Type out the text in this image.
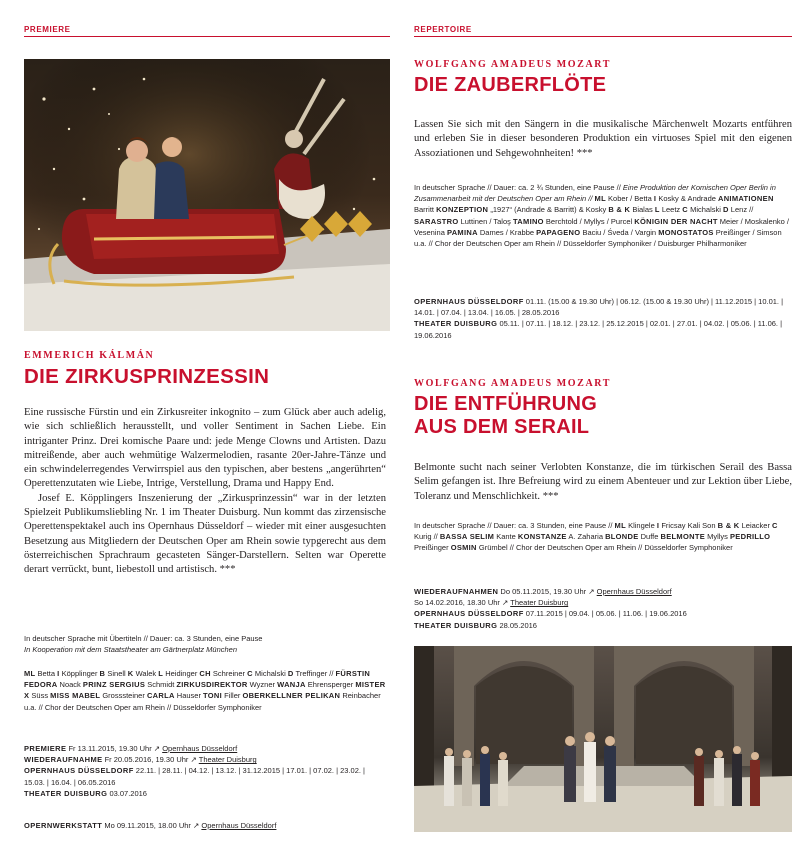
PREMIERE
EMMERICH KÁLMÁN
DIE ZIRKUSPRINZESSIN

Eine russische Fürstin und ein Zirkusreiter inkognito – zum Glück aber auch adelig, wie sich schließlich herausstellt, und voller Sentiment in Sachen Liebe. Ein intriganter Prinz. Drei komische Paare und: jede Menge Clowns und Artisten. Dazu mitreißende, aber auch wehmütige Walzermelodien, rasante 20er-Jahre-Tänze und ein schwindelerregendes Verwirrspiel aus den typischen, aber bestens „angerührten“ Operettenzutaten wie Liebe, Intrige, Verstellung, Drama und Happy End.

Josef E. Köpplingers Inszenierung der „Zirkusprinzessin“ war in der letzten Spielzeit Publikumsliebling Nr. 1 im Theater Duisburg. Nun kommt das zirzensische Operettenspektakel auch ins Opernhaus Düsseldorf – wieder mit einer ausgesuchten Besetzung aus Mitgliedern der Deutschen Oper am Rhein sowie typgerecht aus dem österreichischen Sprachraum gecasteten Sänger-Darstellern. Selten war Operette derart verrückt, bunt, liebestoll und artistisch. ***

In deutscher Sprache mit Übertiteln // Dauer: ca. 3 Stunden, eine Pause
In Kooperation mit dem Staatstheater am Gärtnerplatz München
ML Betta I Köpplinger B Sinell K Walek L Heidinger CH Schreiner C Michalski D Treffinger // FÜRSTIN FEDORA Noack PRINZ SERGIUS Schmidt ZIRKUSDIREKTOR Wyzner WANJA Ehrensperger MISTER X Süss MISS MABEL Grosssteiner CARLA Hauser TONI Filler OBERKELLNER PELIKAN Reinbacher u.a. // Chor der Deutschen Oper am Rhein // Düsseldorfer Symphoniker
PREMIERE Fr 13.11.2015, 19.30 Uhr ↗ Opernhaus Düsseldorf
WIEDERAUFNAHME Fr 20.05.2016, 19.30 Uhr ↗ Theater Duisburg
OPERNHAUS DÜSSELDORF 22.11. | 28.11. | 04.12. | 13.12. | 31.12.2015 | 17.01. | 07.02. | 23.02. | 15.03. | 16.04. | 06.05.2016
THEATER DUISBURG 03.07.2016
OPERNWERKSTATT Mo 09.11.2015, 18.00 Uhr ↗ Opernhaus Düsseldorf
REPERTOIRE
WOLFGANG AMADEUS MOZART
DIE ZAUBERFLÖTE
Lassen Sie sich mit den Sängern in die musikalische Märchenwelt Mozarts entführen und erleben Sie in dieser besonderen Produktion ein virtuoses Spiel mit den eigenen Assoziationen und Sehgewohnheiten! ***
In deutscher Sprache // Dauer: ca. 2 ¾ Stunden, eine Pause // Eine Produktion der Komischen Oper Berlin in Zusammenarbeit mit der Deutschen Oper am Rhein // ML Kober / Betta I Kosky & Andrade ANIMATIONEN Barritt KONZEPTION „1927“ (Andrade & Barritt) & Kosky B & K Bialas L Leetz C Michalski D Lenz // SARASTRO Luttinen / Taloş TAMINO Berchtold / Myllys / Purcel KÖNIGIN DER NACHT Meier / Moskalenko / Vesenina PAMINA Dames / Krabbe PAPAGENO Baciu / Śveda / Vargin MONOSTATOS Preißinger / Simson u.a. // Chor der Deutschen Oper am Rhein // Düsseldorfer Symphoniker / Duisburger Philharmoniker
OPERNHAUS DÜSSELDORF 01.11. (15.00 & 19.30 Uhr) | 06.12. (15.00 & 19.30 Uhr) | 11.12.2015 | 10.01. | 14.01. | 07.04. | 13.04. | 16.05. | 28.05.2016
THEATER DUISBURG 05.11. | 07.11. | 18.12. | 23.12. | 25.12.2015 | 02.01. | 27.01. | 04.02. | 05.06. | 11.06. | 19.06.2016
WOLFGANG AMADEUS MOZART
DIE ENTFÜHRUNG
AUS DEM SERAIL
Belmonte sucht nach seiner Verlobten Konstanze, die im türkischen Serail des Bassa Selim gefangen ist. Ihre Befreiung wird zu einem Abenteuer und zur Lektion über Liebe, Toleranz und Menschlichkeit. ***
In deutscher Sprache // Dauer: ca. 3 Stunden, eine Pause // ML Klingele I Fricsay Kali Son B & K Leiacker C Kurig // BASSA SELIM Kante KONSTANZE A. Zaharia BLONDE Duffe BELMONTE Myllys PEDRILLO Preißinger OSMIN Grümbel // Chor der Deutschen Oper am Rhein // Düsseldorfer Symphoniker
WIEDERAUFNAHMEN Do 05.11.2015, 19.30 Uhr ↗ Opernhaus Düsseldorf
So 14.02.2016, 18.30 Uhr ↗ Theater Duisburg
OPERNHAUS DÜSSELDORF 07.11.2015 | 09.04. | 05.06. | 11.06. | 19.06.2016
THEATER DUISBURG 28.05.2016
